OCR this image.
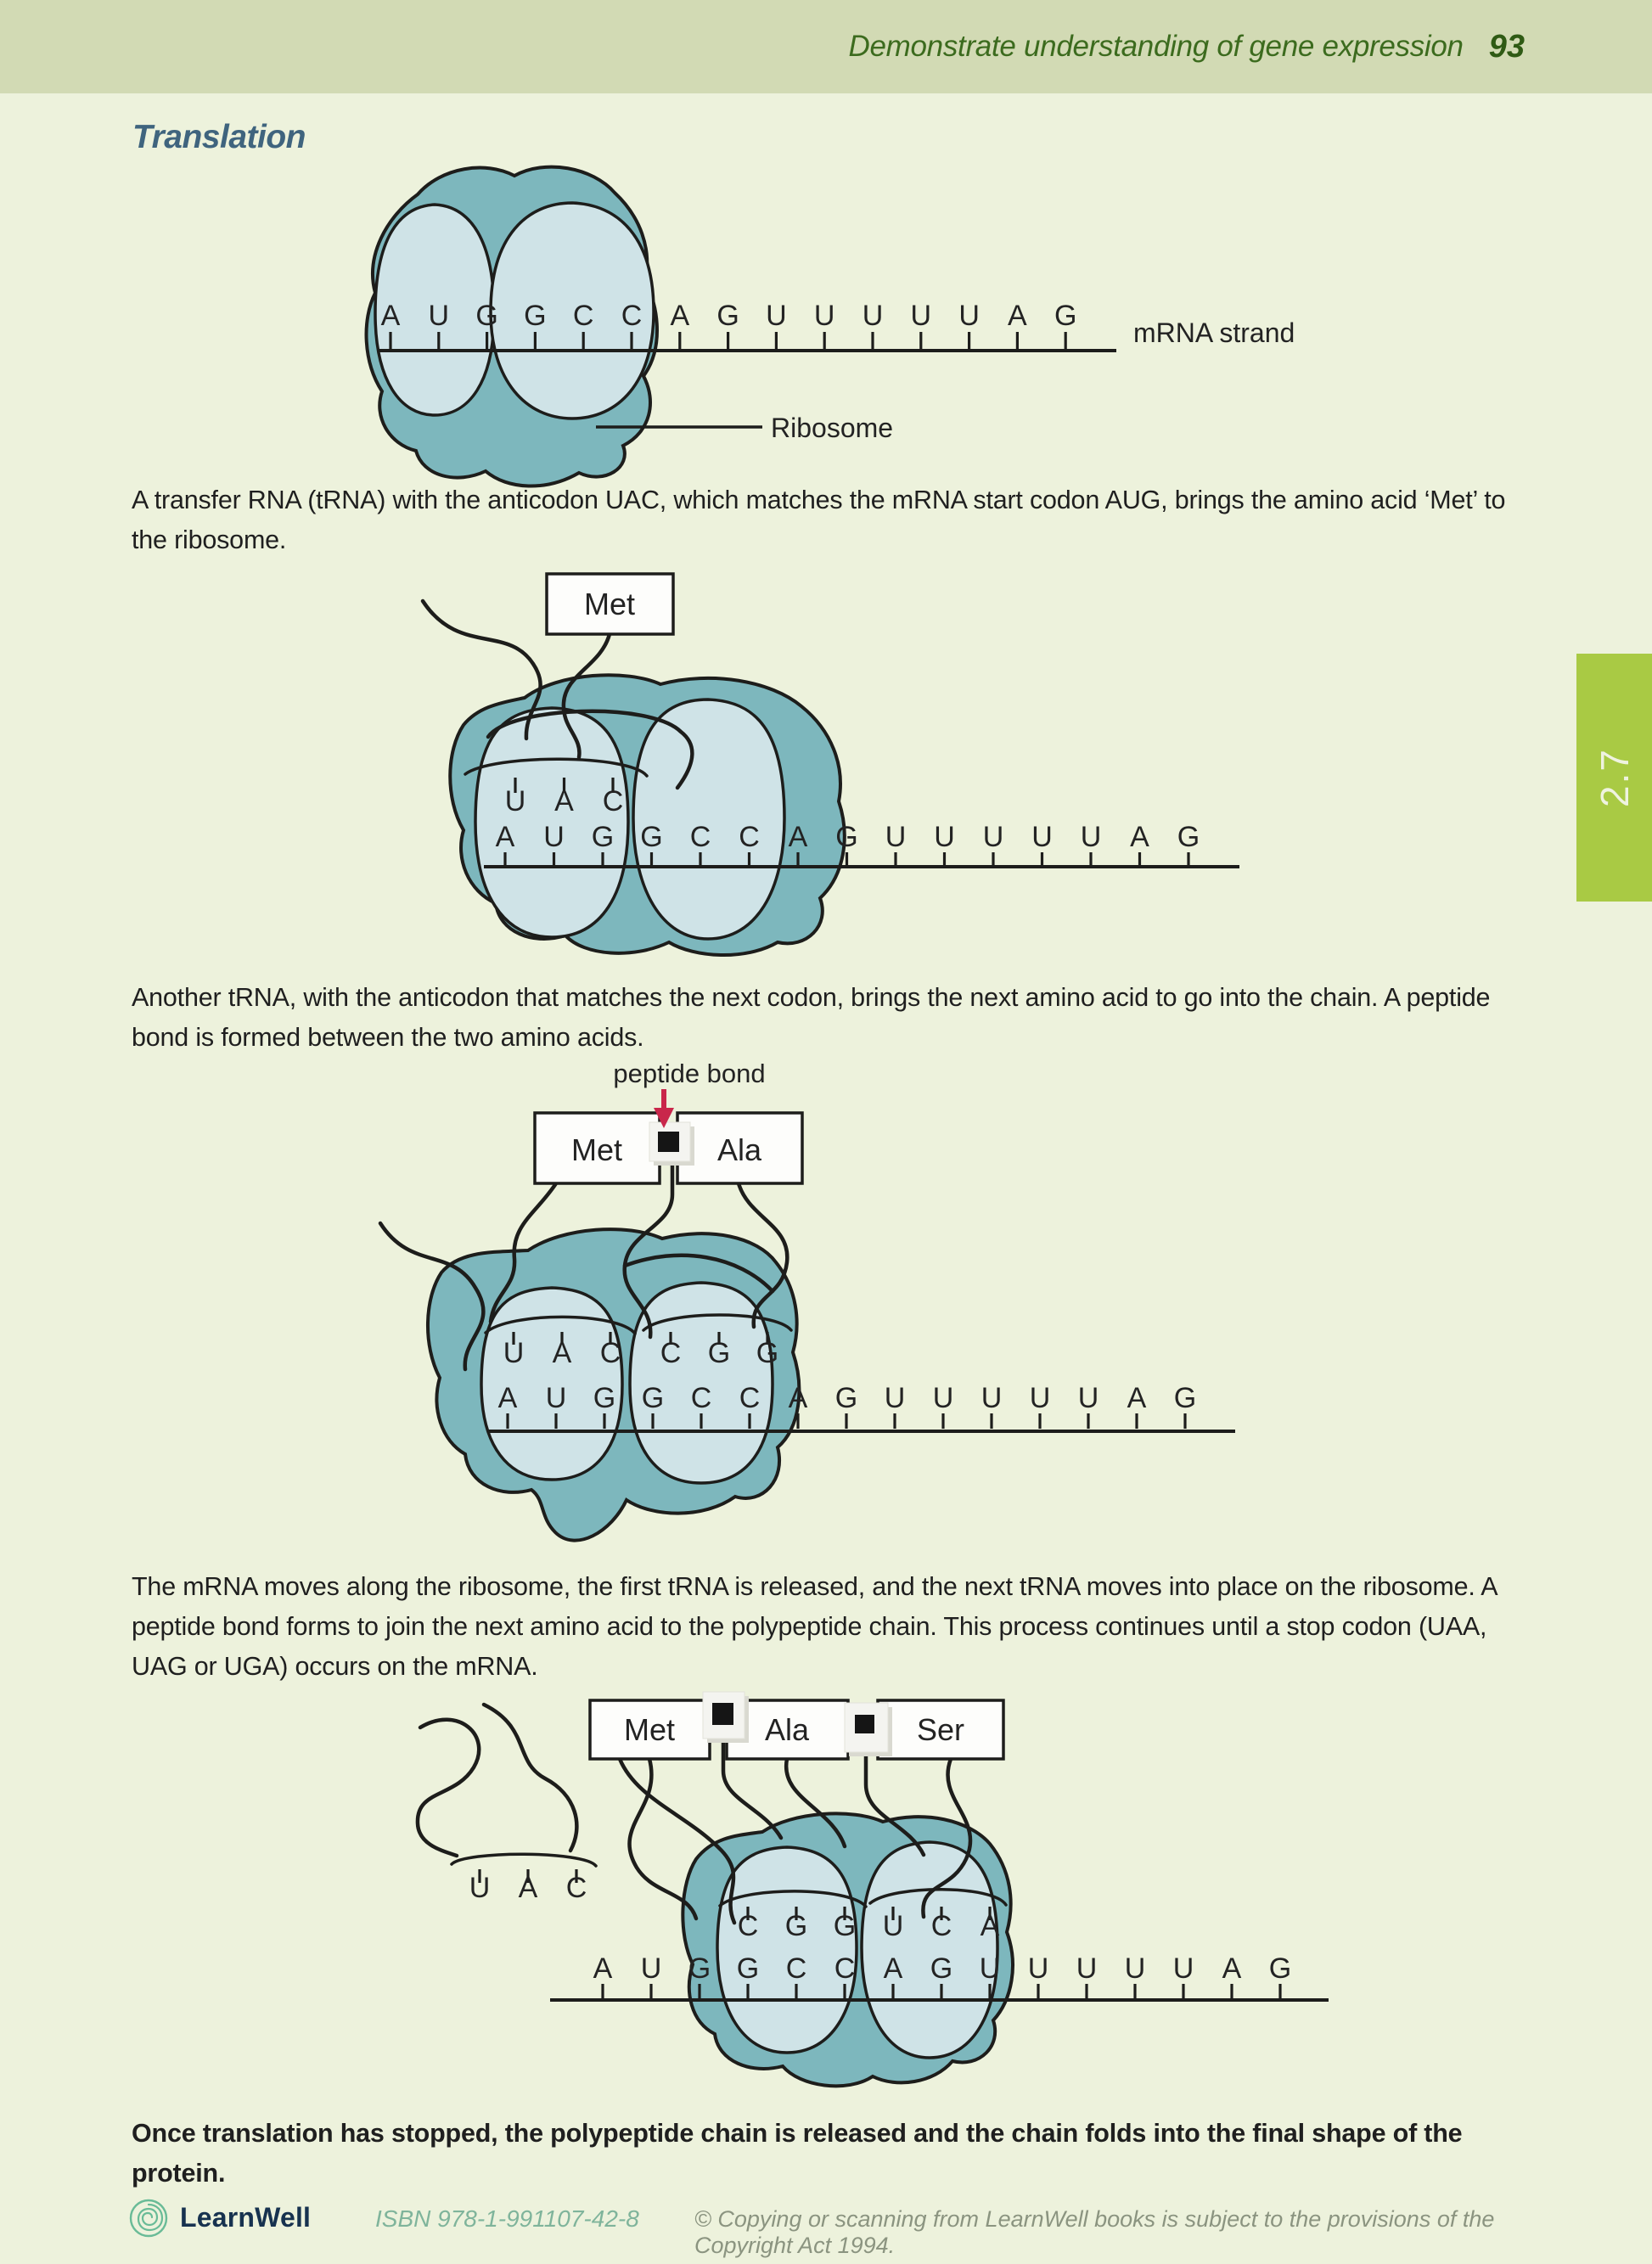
Demonstrate understanding of gene expression 93
Translation
A U G G C C A G U U U U U A G
mRNA strand
Ribosome
A transfer RNA (tRNA) with the anticodon UAC, which matches the mRNA start codon AUG, brings the amino acid ‘Met’ to the ribosome.
U A C
A U G G C C A G U U U U U A G
Met
Another tRNA, with the anticodon that matches the next codon, brings the next amino acid to go into the chain. A peptide bond is formed between the two amino acids.
U A C C G G
A U G G C C A G U U U U U A G
Met	Ala
peptide bond
The mRNA moves along the ribosome, the first tRNA is released, and the next tRNA moves into place on the ribosome. A peptide bond forms to join the next amino acid to the polypeptide chain. This process continues until a stop codon (UAA, UAG or UGA) occurs on the mRNA.
U A C
C G G U C A
A U G G C C A G U U U U U A G
Met	Ala	Ser
Once translation has stopped, the polypeptide chain is released and the chain folds into the final shape of the protein.
LearnWell	ISBN 978-1-991107-42-8 © Copying or scanning from LearnWell books is subject to the provisions of the Copyright Act 1994.
2.7
